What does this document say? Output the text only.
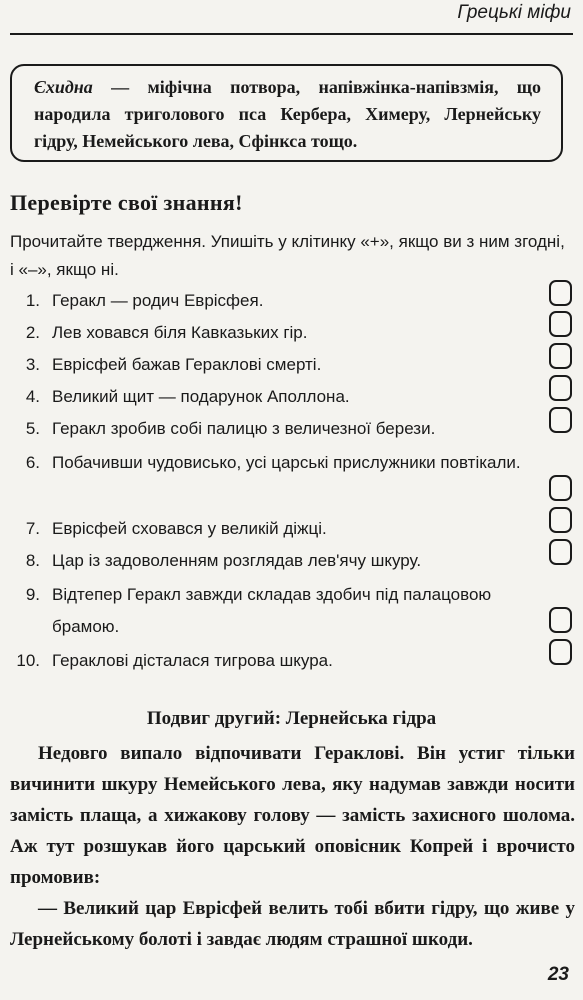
Грецькі міфи
Єхидна — міфічна потвора, напівжінка-напівзмія, що народила триголового пса Кербера, Химеру, Лернейську гідру, Немейського лева, Сфінкса тощо.
Перевірте свої знання!
Прочитайте твердження. Упишіть у клітинку «+», якщо ви з ним згодні, і «–», якщо ні.
1. Геракл — родич Еврісфея.
2. Лев ховався біля Кавказьких гір.
3. Еврісфей бажав Гераклові смерті.
4. Великий щит — подарунок Аполлона.
5. Геракл зробив собі палицю з величезної берези.
6. Побачивши чудовисько, усі царські прислужники повтікали.
7. Еврісфей сховався у великій діжці.
8. Цар із задоволенням розглядав лев'ячу шкуру.
9. Відтепер Геракл завжди складав здобич під палацовою брамою.
10. Гераклові дісталася тигрова шкура.
Подвиг другий: Лернейська гідра

Недовго випало відпочивати Гераклові. Він устиг тільки вичинити шкуру Немейського лева, яку надумав завжди носити замість плаща, а хижакову голову — замість захисного шолома. Аж тут розшукав його царський оповісник Копрей і врочисто промовив:

— Великий цар Еврісфей велить тобі вбити гідру, що живе у Лернейському болоті і завдає людям страшної шкоди.

23
